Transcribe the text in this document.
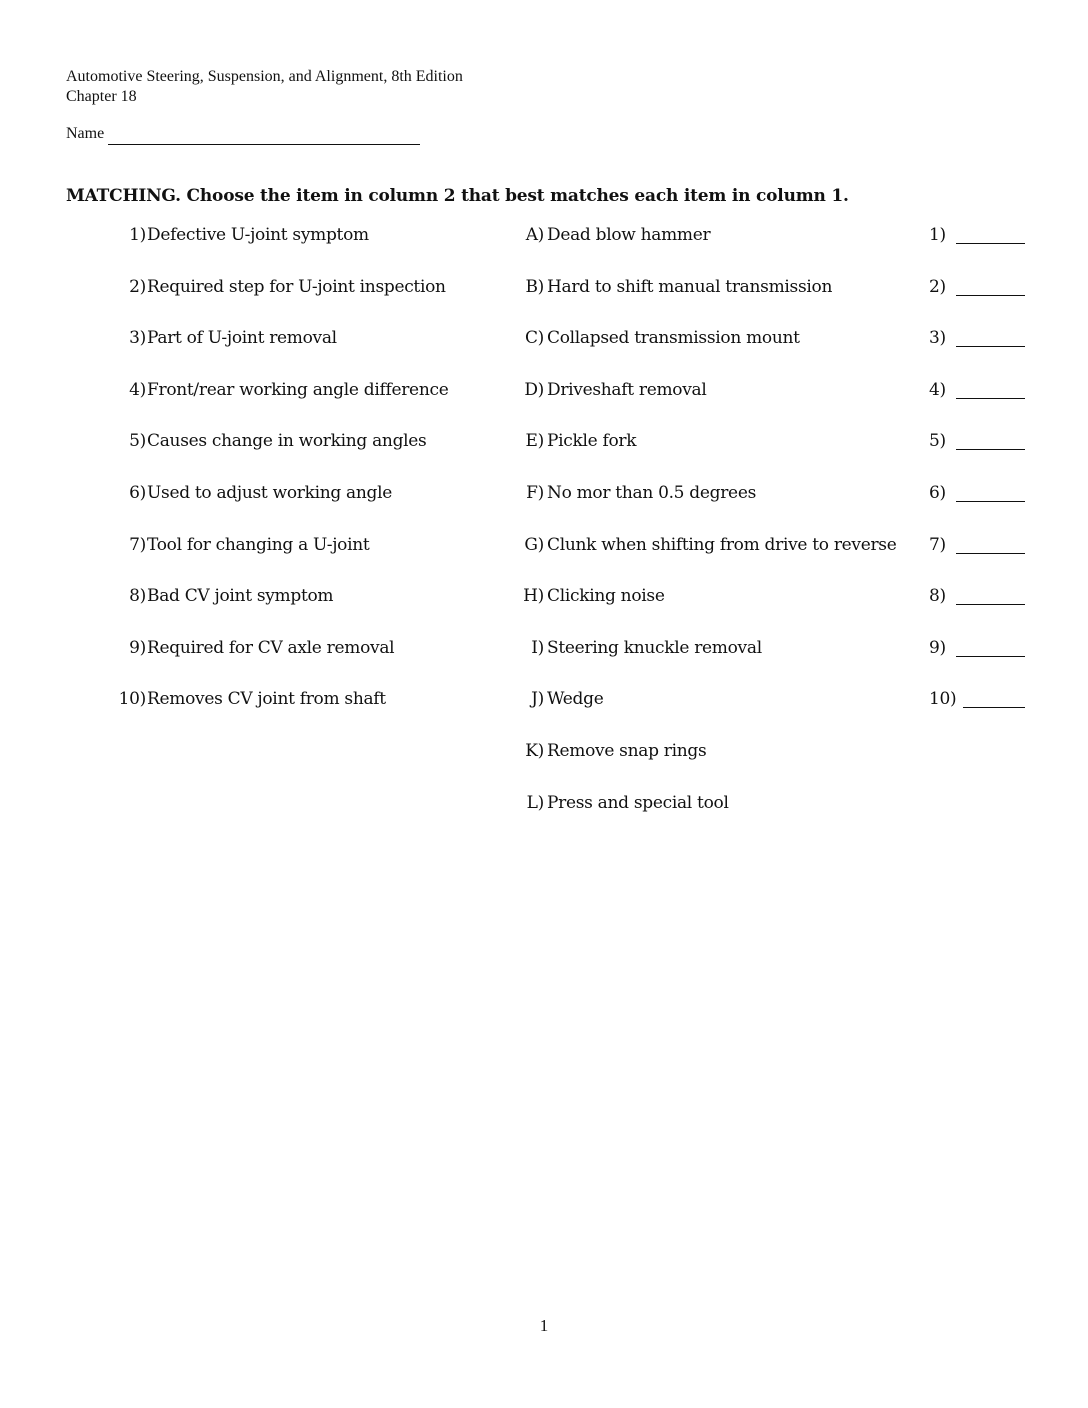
Automotive Steering, Suspension, and Alignment, 8th Edition
Chapter 18
Name
MATCHING. Choose the item in column 2 that best matches each item in column 1.
1) Defective U-joint symptom
2) Required step for U-joint inspection
3) Part of U-joint removal
4) Front/rear working angle difference
5) Causes change in working angles
6) Used to adjust working angle
7) Tool for changing a U-joint
8) Bad CV joint symptom
9) Required for CV axle removal
10) Removes CV joint from shaft
A) Dead blow hammer
B) Hard to shift manual transmission
C) Collapsed transmission mount
D) Driveshaft removal
E) Pickle fork
F) No mor than 0.5 degrees
G) Clunk when shifting from drive to reverse
H) Clicking noise
I) Steering knuckle removal
J) Wedge
K) Remove snap rings
L) Press and special tool
1)
2)
3)
4)
5)
6)
7)
8)
9)
10)
1
